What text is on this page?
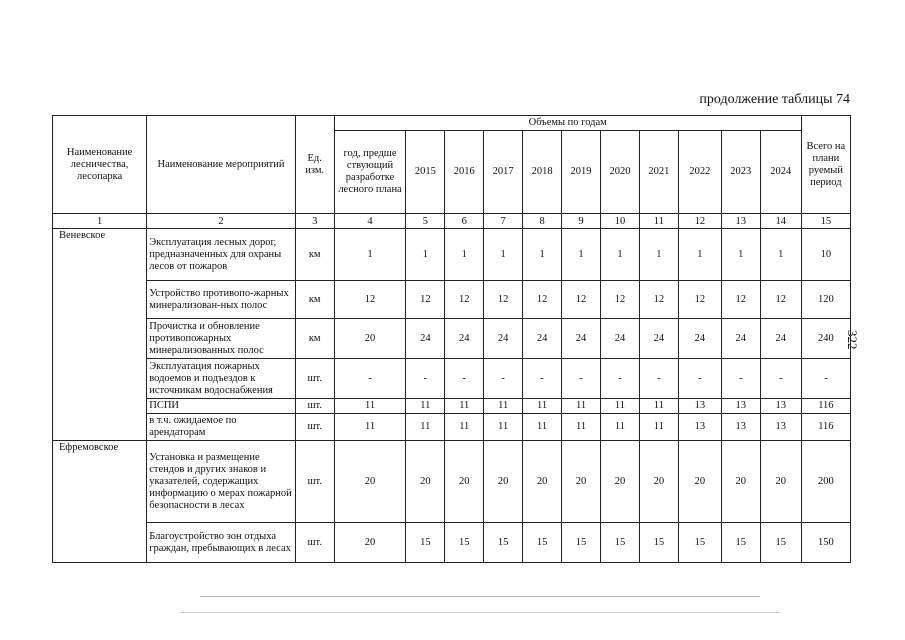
продолжение таблицы 74
322
Наименование лесничества, лесопарка	Наименование мероприятий	Ед. изм.	Объемы по годам											Всего на плани руемый период
			год, предше ствующий разработке лесного плана	2015	2016	2017	2018	2019	2020	2021	2022	2023	2024	
1	2	3	4	5	6	7	8	9	10	11	12	13	14	15
Веневское	Эксплуатация лесных дорог, предназначенных для охраны лесов от пожаров	км	1	1	1	1	1	1	1	1	1	1	1	10
	Устройство противопо-жарных минерализован-ных полос	км	12	12	12	12	12	12	12	12	12	12	12	120
	Прочистка и обновление противопожарных минерализованных полос	км	20	24	24	24	24	24	24	24	24	24	24	240
	Эксплуатация пожарных водоемов и подъездов к источникам водоснабжения	шт.	-	-	-	-	-	-	-	-	-	-	-	-
	ПСПИ	шт.	11	11	11	11	11	11	11	11	13	13	13	116
	в т.ч. ожидаемое по арендаторам	шт.	11	11	11	11	11	11	11	11	13	13	13	116
Ефремовское	Установка и размещение стендов и других знаков и указателей, содержащих информацию о мерах пожарной безопасности в лесах	шт.	20	20	20	20	20	20	20	20	20	20	20	200
	Благоустройство зон отдыха граждан, пребывающих в лесах	шт.	20	15	15	15	15	15	15	15	15	15	15	150
